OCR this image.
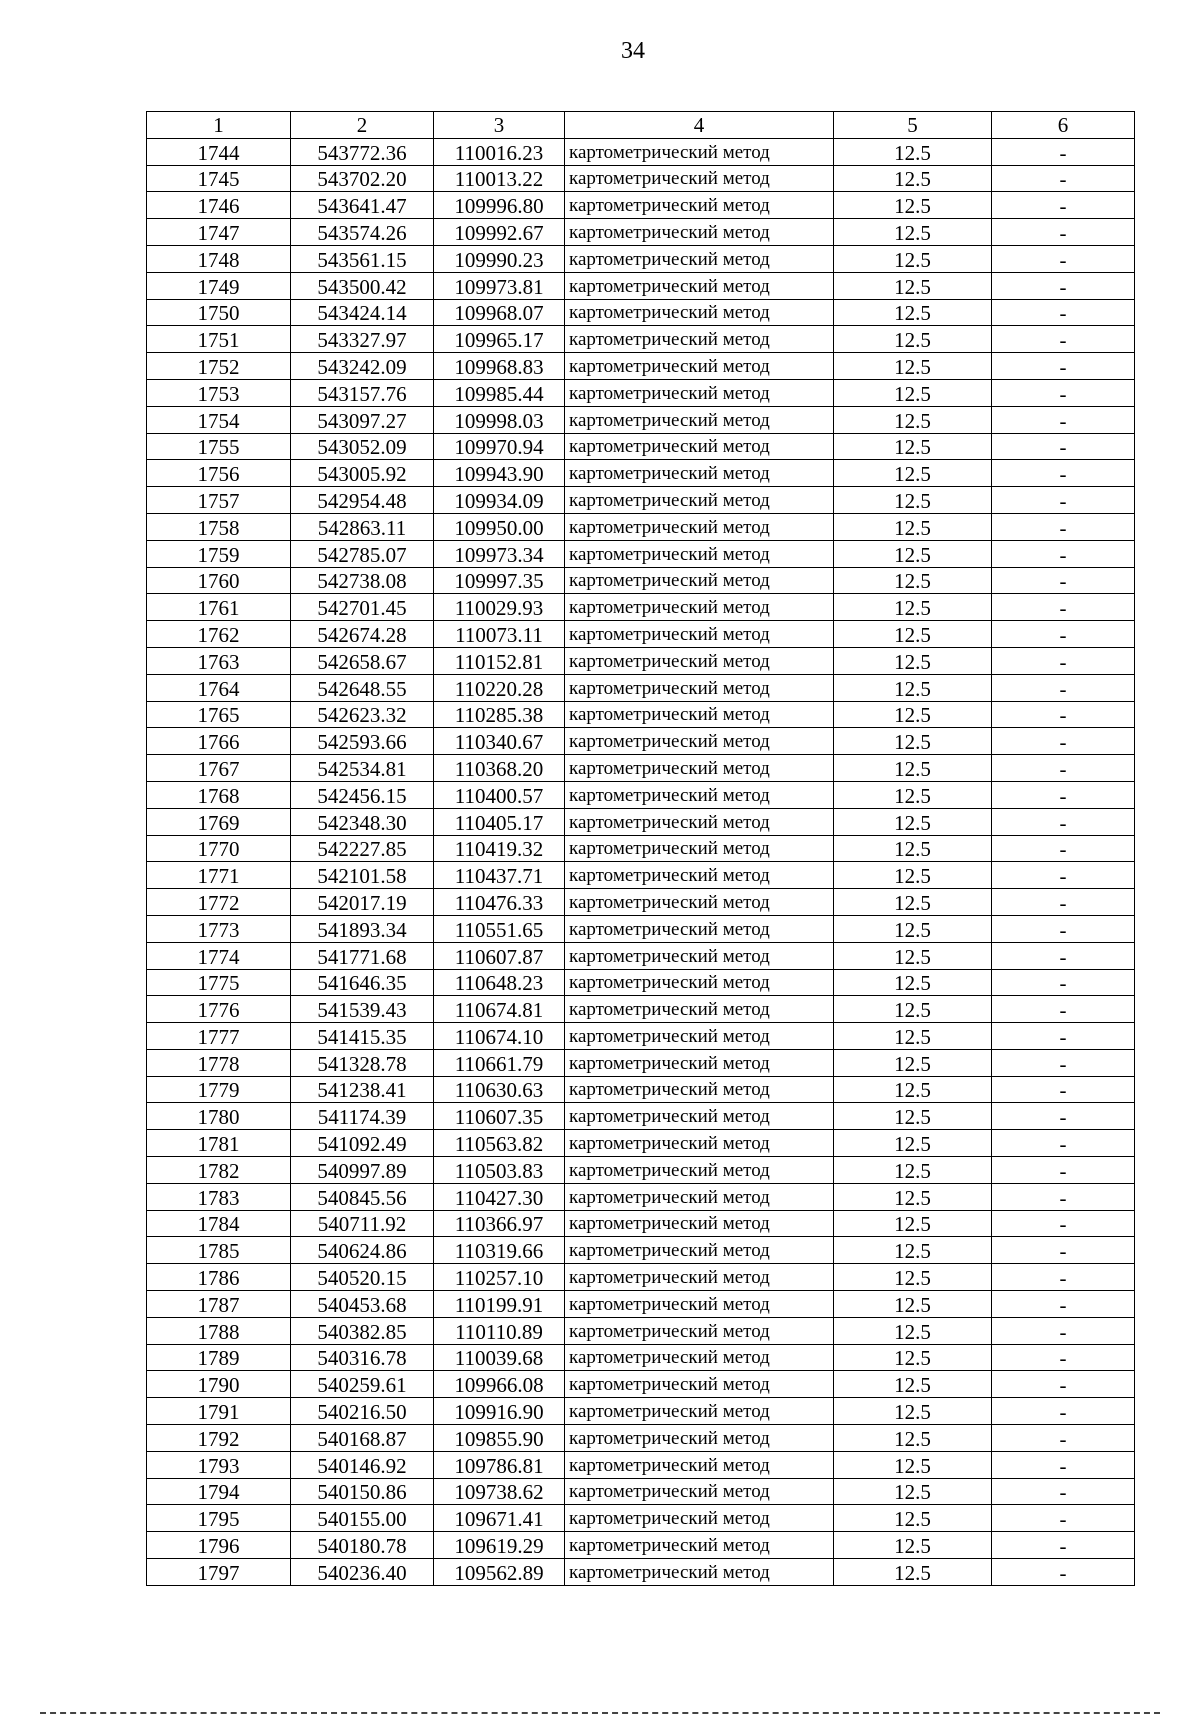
34
1	2	3	4	5	6
1744	543772.36	110016.23	картометрический метод	12.5	-
1745	543702.20	110013.22	картометрический метод	12.5	-
1746	543641.47	109996.80	картометрический метод	12.5	-
1747	543574.26	109992.67	картометрический метод	12.5	-
1748	543561.15	109990.23	картометрический метод	12.5	-
1749	543500.42	109973.81	картометрический метод	12.5	-
1750	543424.14	109968.07	картометрический метод	12.5	-
1751	543327.97	109965.17	картометрический метод	12.5	-
1752	543242.09	109968.83	картометрический метод	12.5	-
1753	543157.76	109985.44	картометрический метод	12.5	-
1754	543097.27	109998.03	картометрический метод	12.5	-
1755	543052.09	109970.94	картометрический метод	12.5	-
1756	543005.92	109943.90	картометрический метод	12.5	-
1757	542954.48	109934.09	картометрический метод	12.5	-
1758	542863.11	109950.00	картометрический метод	12.5	-
1759	542785.07	109973.34	картометрический метод	12.5	-
1760	542738.08	109997.35	картометрический метод	12.5	-
1761	542701.45	110029.93	картометрический метод	12.5	-
1762	542674.28	110073.11	картометрический метод	12.5	-
1763	542658.67	110152.81	картометрический метод	12.5	-
1764	542648.55	110220.28	картометрический метод	12.5	-
1765	542623.32	110285.38	картометрический метод	12.5	-
1766	542593.66	110340.67	картометрический метод	12.5	-
1767	542534.81	110368.20	картометрический метод	12.5	-
1768	542456.15	110400.57	картометрический метод	12.5	-
1769	542348.30	110405.17	картометрический метод	12.5	-
1770	542227.85	110419.32	картометрический метод	12.5	-
1771	542101.58	110437.71	картометрический метод	12.5	-
1772	542017.19	110476.33	картометрический метод	12.5	-
1773	541893.34	110551.65	картометрический метод	12.5	-
1774	541771.68	110607.87	картометрический метод	12.5	-
1775	541646.35	110648.23	картометрический метод	12.5	-
1776	541539.43	110674.81	картометрический метод	12.5	-
1777	541415.35	110674.10	картометрический метод	12.5	-
1778	541328.78	110661.79	картометрический метод	12.5	-
1779	541238.41	110630.63	картометрический метод	12.5	-
1780	541174.39	110607.35	картометрический метод	12.5	-
1781	541092.49	110563.82	картометрический метод	12.5	-
1782	540997.89	110503.83	картометрический метод	12.5	-
1783	540845.56	110427.30	картометрический метод	12.5	-
1784	540711.92	110366.97	картометрический метод	12.5	-
1785	540624.86	110319.66	картометрический метод	12.5	-
1786	540520.15	110257.10	картометрический метод	12.5	-
1787	540453.68	110199.91	картометрический метод	12.5	-
1788	540382.85	110110.89	картометрический метод	12.5	-
1789	540316.78	110039.68	картометрический метод	12.5	-
1790	540259.61	109966.08	картометрический метод	12.5	-
1791	540216.50	109916.90	картометрический метод	12.5	-
1792	540168.87	109855.90	картометрический метод	12.5	-
1793	540146.92	109786.81	картометрический метод	12.5	-
1794	540150.86	109738.62	картометрический метод	12.5	-
1795	540155.00	109671.41	картометрический метод	12.5	-
1796	540180.78	109619.29	картометрический метод	12.5	-
1797	540236.40	109562.89	картометрический метод	12.5	-
